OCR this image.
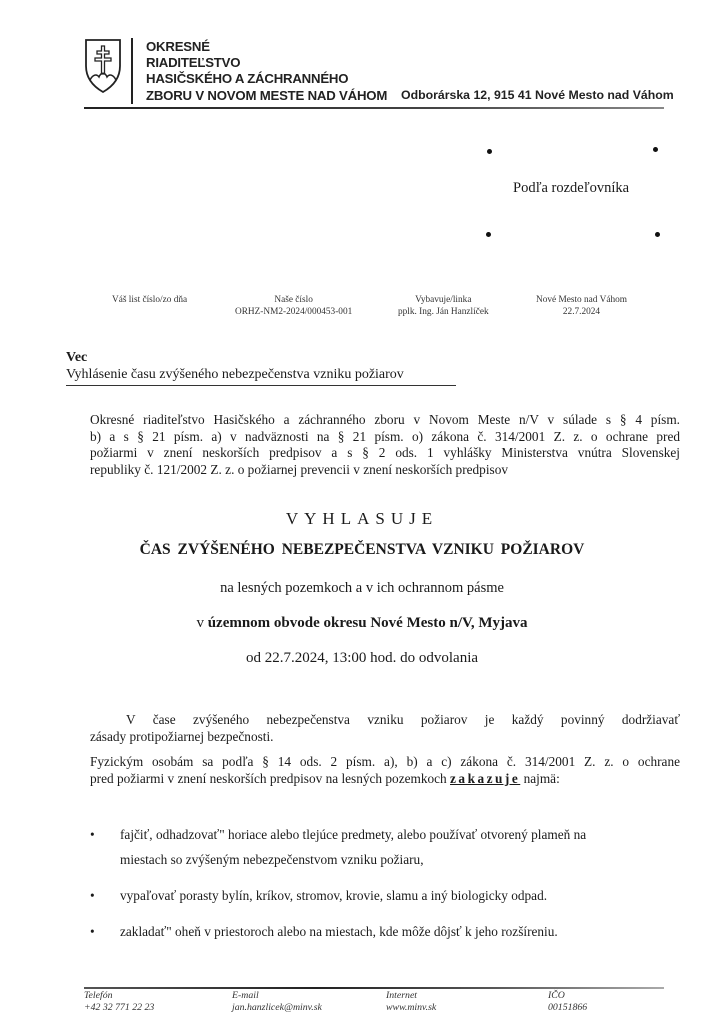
OKRESNÉ
RIADITEĽSTVO
HASIČSKÉHO A ZÁCHRANNÉHO
ZBORU V NOVOM MESTE NAD VÁHOM Odborárska 12, 915 41 Nové Mesto nad Váhom
Podľa rozdeľovníka
Váš list číslo/zo dňa	Naše číslo
ORHZ-NM2-2024/000453-001
Vybavuje/linka
pplk. Ing. Ján Hanzlíček
Nové Mesto nad Váhom
22.7.2024
Vec
Vyhlásenie času zvýšeného nebezpečenstva vzniku požiarov
Okresné riaditeľstvo Hasičského a záchranného zboru v Novom Meste n/V v súlade s § 4 písm.
b) a s § 21 písm. a) v nadväznosti na § 21 písm. o) zákona č. 314/2001 Z. z. o ochrane pred
požiarmi v znení neskorších predpisov a s § 2 ods. 1 vyhlášky Ministerstva vnútra Slovenskej
republiky č. 121/2002 Z. z. o požiarnej prevencii v znení neskorších predpisov
VYHLASUJE
ČAS ZVÝŠENÉHO NEBEZPEČENSTVA VZNIKU POŽIAROV
na lesných pozemkoch a v ich ochrannom pásme
v územnom obvode okresu Nové Mesto n/V, Myjava
od 22.7.2024, 13:00 hod. do odvolania
V čase zvýšeného nebezpečenstva vzniku požiarov je každý povinný dodržiavať
zásady protipožiarnej bezpečnosti.
Fyzickým osobám sa podľa § 14 ods. 2 písm. a), b) a c) zákona č. 314/2001 Z. z. o ochrane
pred požiarmi v znení neskorších predpisov na lesných pozemkoch zakazuje najmä:
• fajčiť, odhadzovať" horiace alebo tlejúce predmety, alebo používať otvorený plameň na
miestach so zvýšeným nebezpečenstvom vzniku požiaru,
• vypaľovať porasty bylín, kríkov, stromov, krovie, slamu a iný biologicky odpad.
• zakladať" oheň v priestoroch alebo na miestach, kde môže dôjsť k jeho rozšíreniu.
Telefón
+42 32 771 22 23
E-mail
jan.hanzlicek@minv.sk
Internet
www.minv.sk
IČO
00151866
